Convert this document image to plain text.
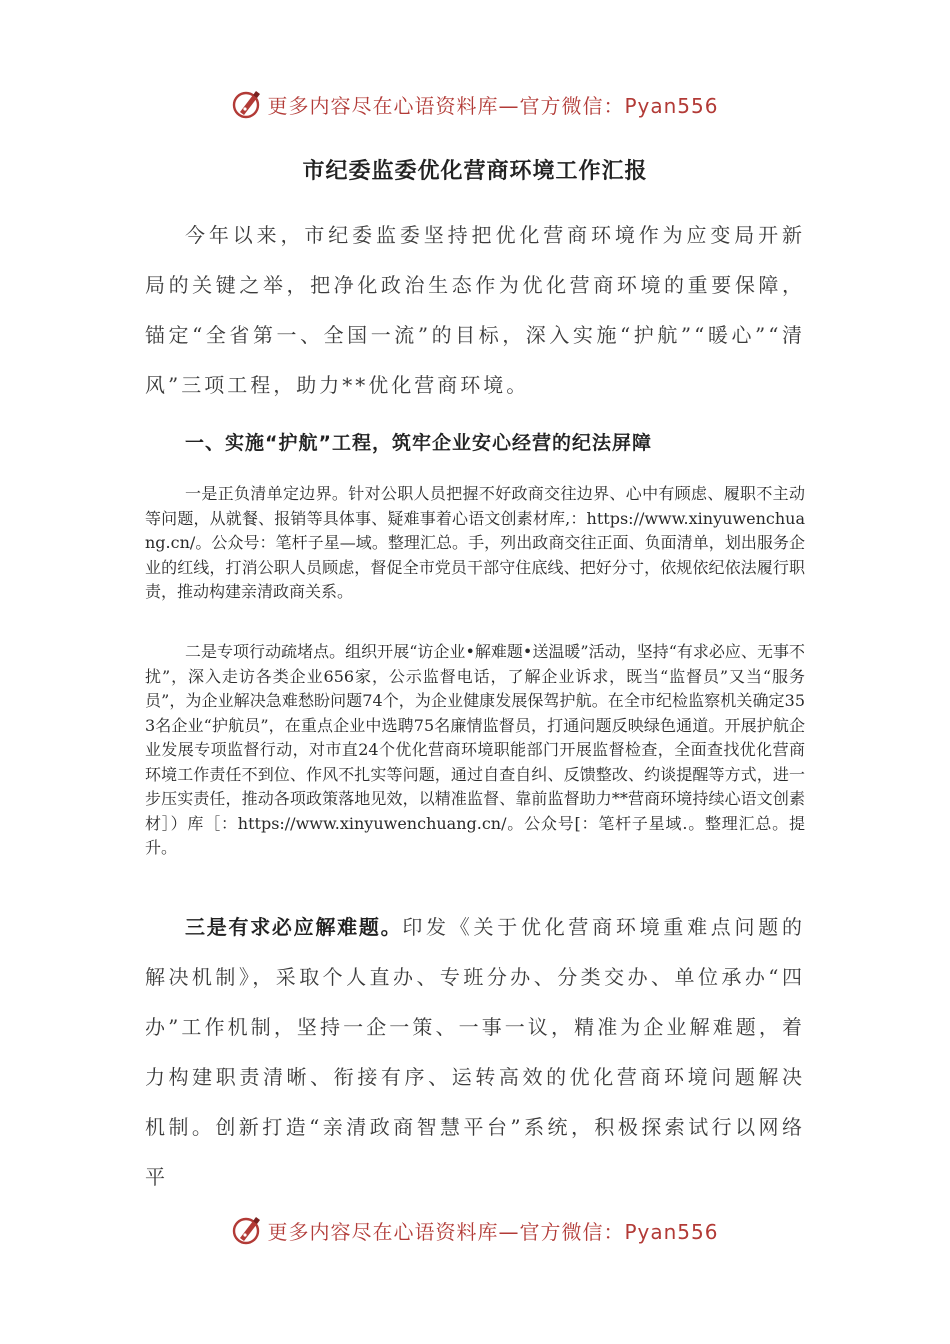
更多内容尽在心语资料库—官方微信：Pyan556
市纪委监委优化营商环境工作汇报

今年以来，市纪委监委坚持把优化营商环境作为应变局开新局的关键之举，把净化政治生态作为优化营商环境的重要保障，锚定“全省第一、全国一流”的目标，深入实施“护航”“暖心”“清风”三项工程，助力**优化营商环境。

一、实施“护航”工程，筑牢企业安心经营的纪法屏障

一是正负清单定边界。针对公职人员把握不好政商交往边界、心中有顾虑、履职不主动等问题，从就餐、报销等具体事、疑难事着心语文创素材库,：https://www.xinyuwenchuang.cn/。公众号：笔杆子星—域。整理汇总。手，列出政商交往正面、负面清单，划出服务企业的红线，打消公职人员顾虑，督促全市党员干部守住底线、把好分寸，依规依纪依法履行职责，推动构建亲清政商关系。

二是专项行动疏堵点。组织开展“访企业•解难题•送温暖”活动，坚持“有求必应、无事不扰”，深入走访各类企业656家，公示监督电话，了解企业诉求，既当“监督员”又当“服务员”，为企业解决急难愁盼问题74个，为企业健康发展保驾护航。在全市纪检监察机关确定353名企业“护航员”，在重点企业中选聘75名廉情监督员，打通问题反映绿色通道。开展护航企业发展专项监督行动，对市直24个优化营商环境职能部门开展监督检查，全面查找优化营商环境工作责任不到位、作风不扎实等问题，通过自查自纠、反馈整改、约谈提醒等方式，进一步压实责任，推动各项政策落地见效，以精准监督、靠前监督助力**营商环境持续心语文创素材］）库［：https://www.xinyuwenchuang.cn/。公众号[：笔杆子星域.。整理汇总。提升。

三是有求必应解难题。印发《关于优化营商环境重难点问题的解决机制》，采取个人直办、专班分办、分类交办、单位承办“四办”工作机制，坚持一企一策、一事一议，精准为企业解难题，着力构建职责清晰、衔接有序、运转高效的优化营商环境问题解决机制。创新打造“亲清政商智慧平台”系统，积极探索试行以网络平

更多内容尽在心语资料库—官方微信：Pyan556
